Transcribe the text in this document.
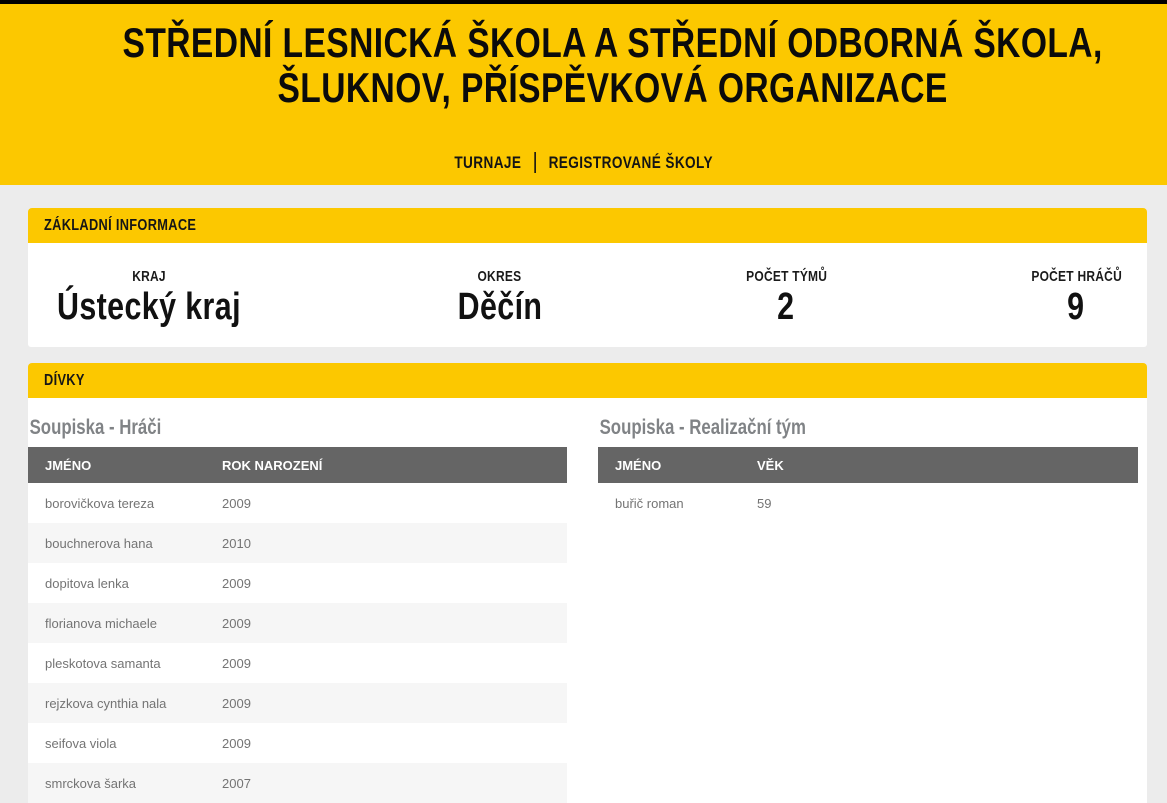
STŘEDNÍ LESNICKÁ ŠKOLA A STŘEDNÍ ODBORNÁ ŠKOLA,
ŠLUKNOV, PŘÍSPĚVKOVÁ ORGANIZACE
TURNAJE REGISTROVANÉ ŠKOLY
ZÁKLADNÍ INFORMACE
KRAJ
Ústecký kraj
OKRES
Děčín
POČET TÝMŮ
2
POČET HRÁČŮ
9
DÍVKY
Soupiska - Hráči
JMÉNO	ROK NAROZENÍ
borovičkova tereza	2009
bouchnerova hana	2010
dopitova lenka	2009
florianova michaele	2009
pleskotova samanta	2009
rejzkova cynthia nala	2009
seifova viola	2009
smrckova šarka	2007
Soupiska - Realizační tým
JMÉNO	VĚK
buřič roman	59
